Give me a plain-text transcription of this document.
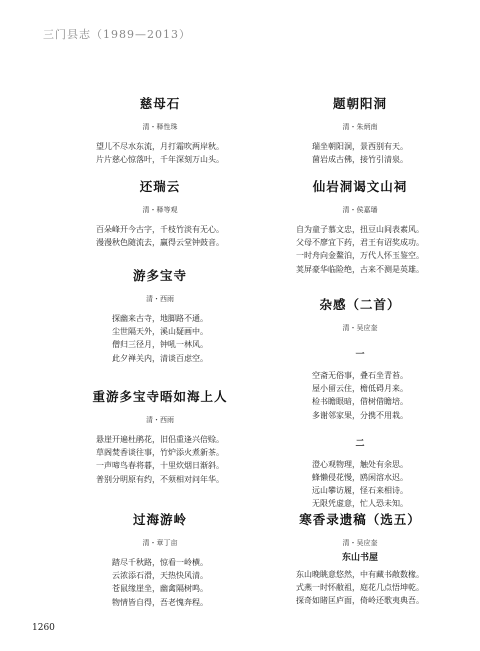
三门县志（1989—2013）
慈母石
清・释性珠
望儿不尽水东流，月打霜吹两岸秋。
片片慈心惊落叶，千年深刻万山头。
还瑞云
清・释等观
百朵峰开今古字，千枝竹淡有无心。
漫漫秋色随流去，赢得云堂钟鼓音。
游多宝寺
清・西雨
探幽来古寺，地脚路不通。
尘世隔天外，溪山疑画中。
僧归三径月，钟吼一林风。
此夕禅关内，清谈百虑空。
重游多宝寺晤如海上人
清・西雨
悬崖开遍杜鹃花，旧侣重逢兴倍赊。
草阁焚香谈往事，竹炉添火煮新茶。
一声啼鸟春将暮，十里炊烟日渐斜。
普别分明原有约，不须相对问年华。
过海游岭
清・章丁亩
踏尽千秋路，惊看一岭横。
云浓添石滑，天热快风清。
苍鼠缘崖坐，幽禽隔树鸣。
物情皆自得，吾老愧奔程。
题朝阳洞
清・朱炳南
瑞坐朝阳洞，景西别有天。
菌岩成古佛，接竹引清泉。
仙岩洞谒文山祠
清・侯嘉璠
自为童子慕文忠，扭豆山间表素风。
父母不廖宜下药，君王有诏奖成功。
一时舟向金鳌泊，万代人怀玉鉴空。
荚屏豪华临险绝，古来不测是英雄。
杂感（二首）
清・吴应奎
一
空斋无俗事，叠石坐青苔。
屋小留云住，檐低碍月来。
检书瞻眼暗，借树借瞻培。
多谢邻家果，分携不用栽。
二
澄心观物理，触处有余思。
蜂懒侵花慢，鸥闲溶水迟。
远山攀访履，怪石来相诗。
无限凭虚意，忙人恐未知。
寒香录遗稿（选五）
清・吴应奎
东山书屋
东山晚眺意悠然，中有藏书敞数椽。
式燕一时怀敝祖，庭花几点悟坤乾。
探奇如睹匡庐面，倚岭还歌夷典吾。
1260
